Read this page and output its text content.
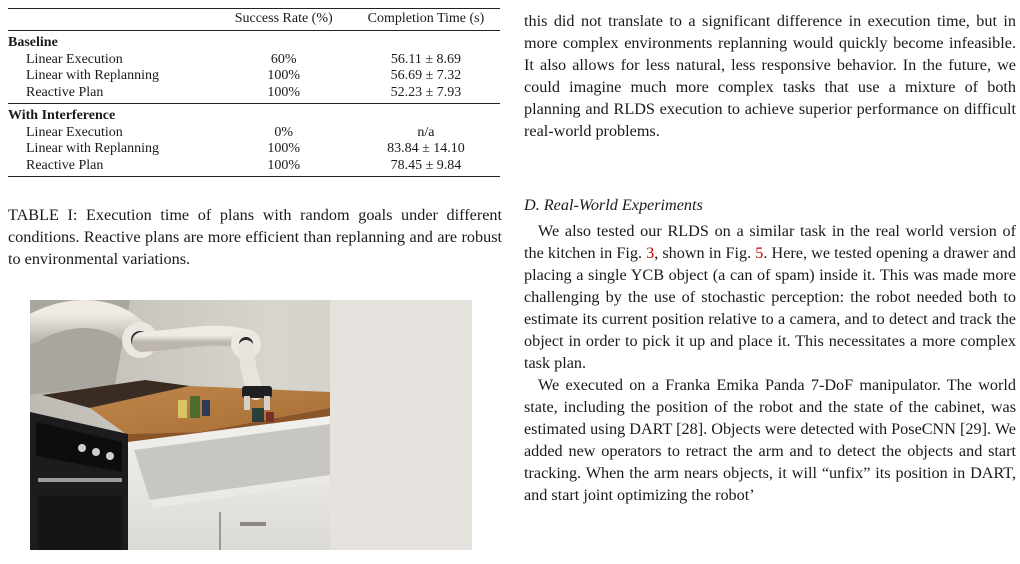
	Success Rate (%)	Completion Time (s)
Baseline		
Linear Execution	60%	56.11 ± 8.69
Linear with Replanning	100%	56.69 ± 7.32
Reactive Plan	100%	52.23 ± 7.93
With Interference		
Linear Execution	0%	n/a
Linear with Replanning	100%	83.84 ± 14.10
Reactive Plan	100%	78.45 ± 9.84
TABLE I: Execution time of plans with random goals under different conditions. Reactive plans are more efficient than replanning and are robust to environmental variations.
this did not translate to a significant difference in execution time, but in more complex environments replanning would quickly become infeasible. It also allows for less natural, less responsive behavior. In the future, we could imagine much more complex tasks that use a mixture of both planning and RLDS execution to achieve superior performance on difficult real-world problems.
D. Real-World Experiments

We also tested our RLDS on a similar task in the real world version of the kitchen in Fig. 3, shown in Fig. 5. Here, we tested opening a drawer and placing a single YCB object (a can of spam) inside it. This was made more challenging by the use of stochastic perception: the robot needed both to estimate its current position relative to a camera, and to detect and track the object in order to pick it up and place it. This necessitates a more complex task plan.

We executed on a Franka Emika Panda 7-DoF manipulator. The world state, including the position of the robot and the state of the cabinet, was estimated using DART [28]. Objects were detected with PoseCNN [29]. We added new operators to retract the arm and to detect the objects and start tracking. When the arm nears objects, it will “unfix” its position in DART, and start joint optimizing the robot’
